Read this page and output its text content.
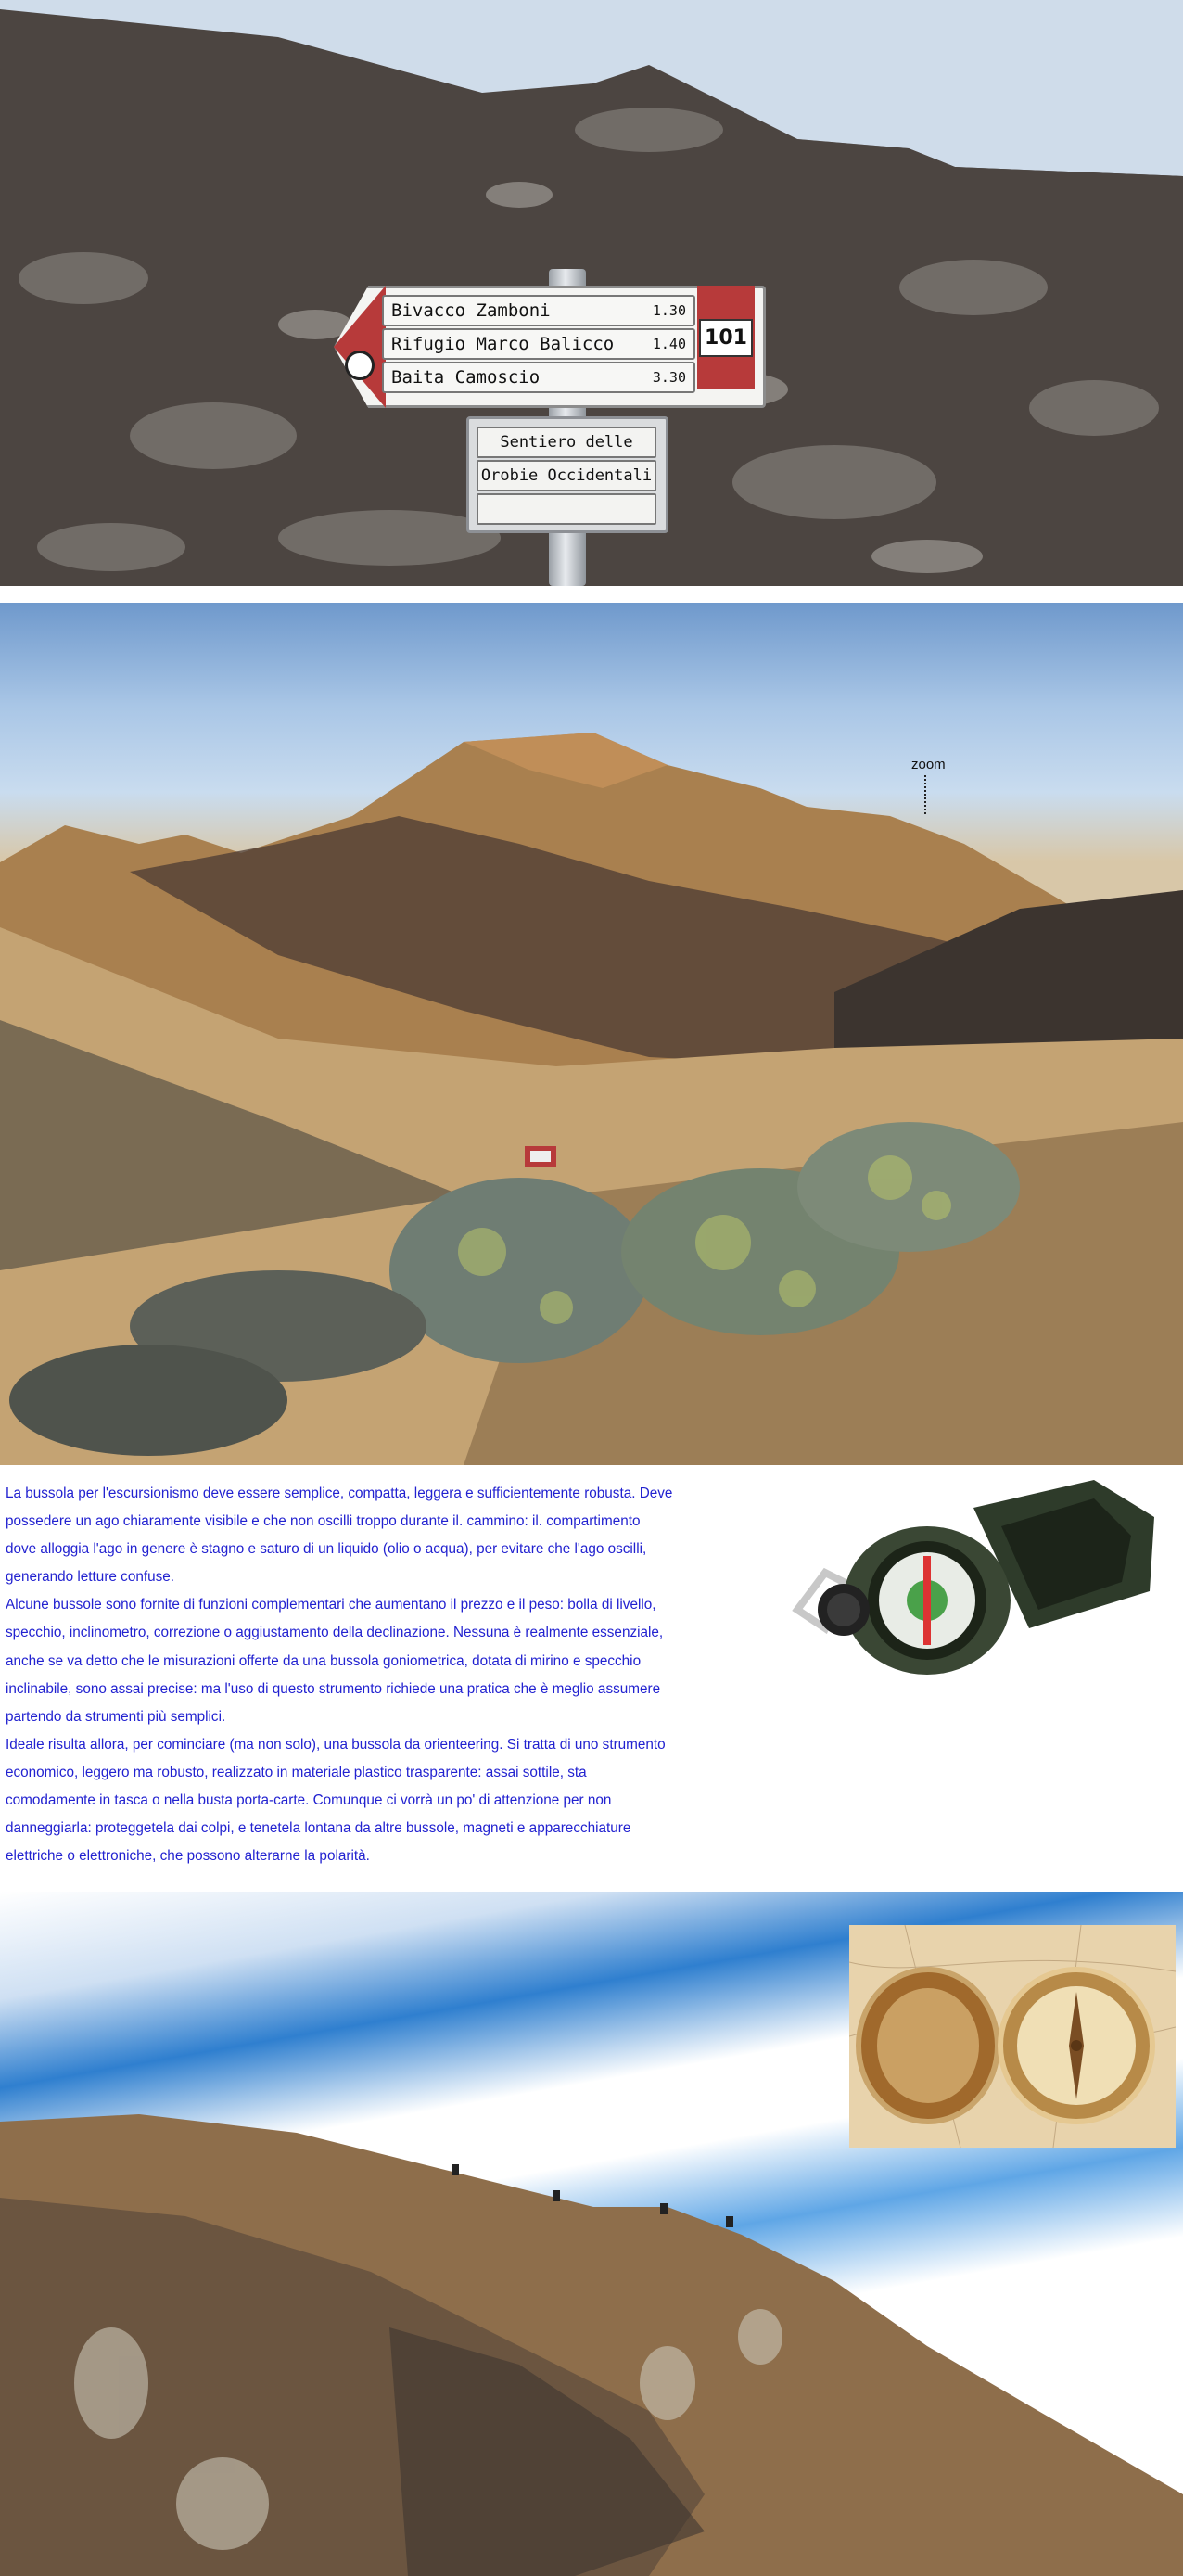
Bivacco Zamboni	1.30
Rifugio Marco Balicco	1.40
Baita Camoscio	3.30
101
Sentiero delle
Orobie Occidentali
zoom

La bussola per l'escursionismo deve essere semplice, compatta, leggera e sufficientemente robusta. Deve possedere un ago chiaramente visibile e che non oscilli troppo durante il. cammino: il. compartimento dove alloggia l'ago in genere è stagno e saturo di un liquido (olio o acqua), per evitare che l'ago oscilli, generando letture confuse.

Alcune bussole sono fornite di funzioni complementari che aumentano il prezzo e il peso: bolla di livello, specchio, inclinometro, correzione o aggiustamento della declinazione. Nessuna è realmente essenziale, anche se va detto che le misurazioni offerte da una bussola goniometrica, dotata di mirino e specchio inclinabile, sono assai precise: ma l'uso di questo strumento richiede una pratica che è meglio assumere partendo da strumenti più semplici.

Ideale risulta allora, per cominciare (ma non solo), una bussola da orienteering. Si tratta di uno strumento economico, leggero ma robusto, realizzato in materiale plastico trasparente: assai sottile, sta comodamente in tasca o nella busta porta-carte. Comunque ci vorrà un po' di attenzione per non danneggiarla: proteggetela dai colpi, e tenetela lontana da altre bussole, magneti e apparecchiature elettriche o elettroniche, che possono alterarne la polarità.
